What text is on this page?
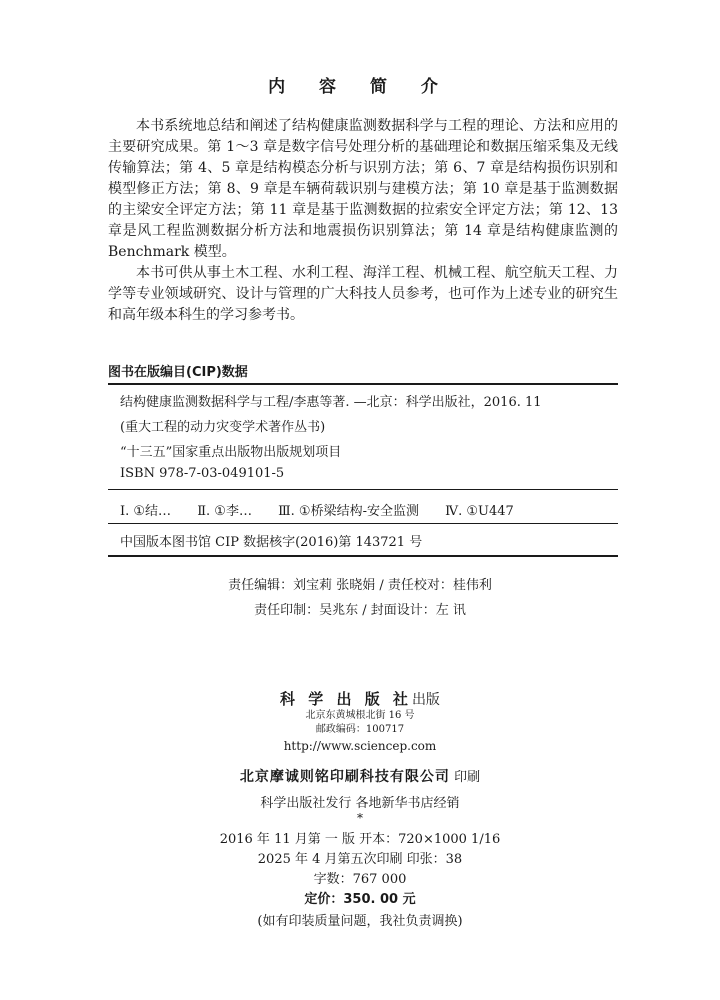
内 容 简 介

本书系统地总结和阐述了结构健康监测数据科学与工程的理论、方法和应用的主要研究成果。第 1～3 章是数字信号处理分析的基础理论和数据压缩采集及无线传输算法；第 4、5 章是结构模态分析与识别方法；第 6、7 章是结构损伤识别和模型修正方法；第 8、9 章是车辆荷载识别与建模方法；第 10 章是基于监测数据的主梁安全评定方法；第 11 章是基于监测数据的拉索安全评定方法；第 12、13 章是风工程监测数据分析方法和地震损伤识别算法；第 14 章是结构健康监测的 Benchmark 模型。

本书可供从事土木工程、水利工程、海洋工程、机械工程、航空航天工程、力学等专业领域研究、设计与管理的广大科技人员参考，也可作为上述专业的研究生和高年级本科生的学习参考书。

图书在版编目(CIP)数据
结构健康监测数据科学与工程/李惠等著. —北京：科学出版社，2016. 11
(重大工程的动力灾变学术著作丛书)
“十三五”国家重点出版物出版规划项目
ISBN 978-7-03-049101-5
Ⅰ. ①结… Ⅱ. ①李… Ⅲ. ①桥梁结构-安全监测 Ⅳ. ①U447
中国版本图书馆 CIP 数据核字(2016)第 143721 号
责任编辑：刘宝莉 张晓娟 / 责任校对：桂伟利
责任印制：吴兆东 / 封面设计：左 讯
科 学 出 版 社出版
北京东黄城根北街 16 号
邮政编码：100717
http://www.sciencep.com
北京摩诚则铭印刷科技有限公司 印刷
科学出版社发行 各地新华书店经销
*
2016 年 11 月第 一 版 开本：720×1000 1/16
2025 年 4 月第五次印刷 印张：38
字数：767 000
定价：350. 00 元
(如有印装质量问题，我社负责调换)
